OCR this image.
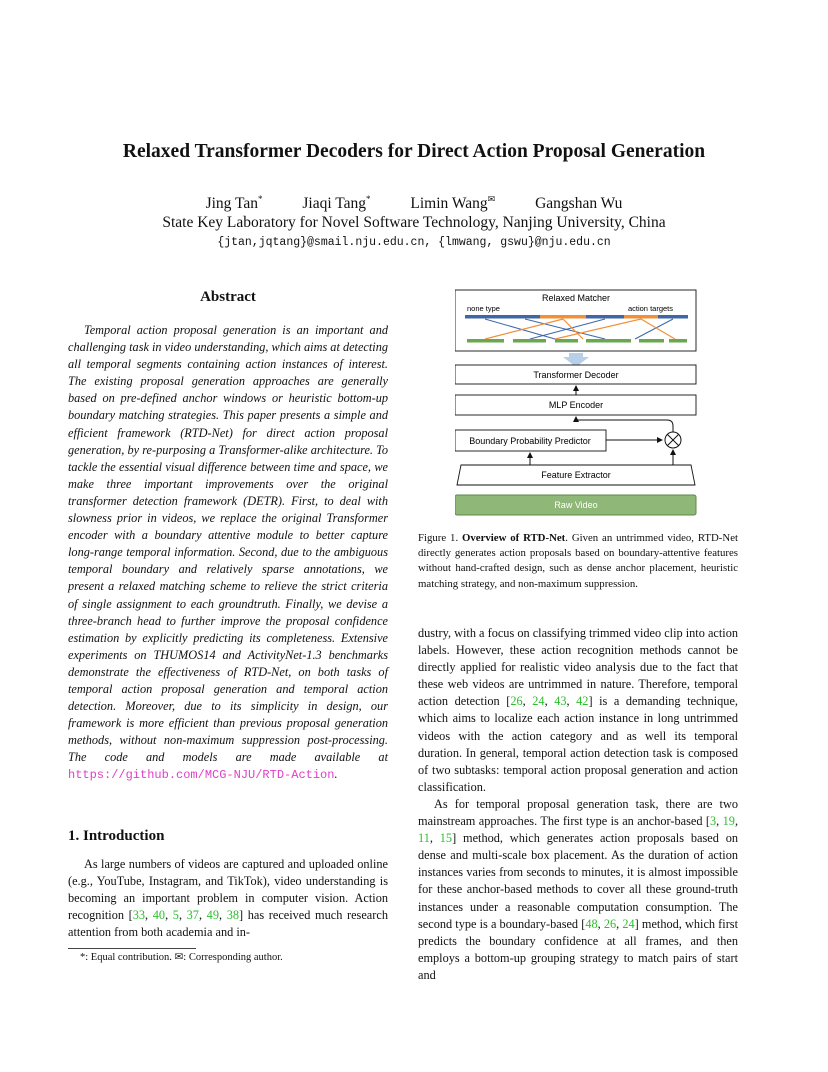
Relaxed Transformer Decoders for Direct Action Proposal Generation
Jing Tan*	Jiaqi Tang*	Limin Wang✉	Gangshan Wu
State Key Laboratory for Novel Software Technology, Nanjing University, China
{jtan,jqtang}@smail.nju.edu.cn, {lmwang, gswu}@nju.edu.cn
Abstract
Temporal action proposal generation is an important and challenging task in video understanding, which aims at detecting all temporal segments containing action instances of interest. The existing proposal generation approaches are generally based on pre-defined anchor windows or heuristic bottom-up boundary matching strategies. This paper presents a simple and efficient framework (RTD-Net) for direct action proposal generation, by re-purposing a Transformer-alike architecture. To tackle the essential visual difference between time and space, we make three important improvements over the original transformer detection framework (DETR). First, to deal with slowness prior in videos, we replace the original Transformer encoder with a boundary attentive module to better capture long-range temporal information. Second, due to the ambiguous temporal boundary and relatively sparse annotations, we present a relaxed matching scheme to relieve the strict criteria of single assignment to each groundtruth. Finally, we devise a three-branch head to further improve the proposal confidence estimation by explicitly predicting its completeness. Extensive experiments on THUMOS14 and ActivityNet-1.3 benchmarks demonstrate the effectiveness of RTD-Net, on both tasks of temporal action proposal generation and temporal action detection. Moreover, due to its simplicity in design, our framework is more efficient than previous proposal generation methods, without non-maximum suppression post-processing. The code and models are made available at https://github.com/MCG-NJU/RTD-Action.
1. Introduction
As large numbers of videos are captured and uploaded online (e.g., YouTube, Instagram, and TikTok), video understanding is becoming an important problem in computer vision. Action recognition [33, 40, 5, 37, 49, 38] has received much research attention from both academia and in-
*: Equal contribution. ✉: Corresponding author.
Relaxed Matcher
none type	action targets
Transformer Decoder
MLP Encoder
Boundary Probability Predictor
Feature Extractor
Raw Video
Figure 1. Overview of RTD-Net. Given an untrimmed video, RTD-Net directly generates action proposals based on boundary-attentive features without hand-crafted design, such as dense anchor placement, heuristic matching strategy, and non-maximum suppression.

dustry, with a focus on classifying trimmed video clip into action labels. However, these action recognition methods cannot be directly applied for realistic video analysis due to the fact that these web videos are untrimmed in nature. Therefore, temporal action detection [26, 24, 43, 42] is a demanding technique, which aims to localize each action instance in long untrimmed videos with the action category and as well its temporal duration. In general, temporal action detection task is composed of two subtasks: temporal action proposal generation and action classification.

As for temporal proposal generation task, there are two mainstream approaches. The first type is an anchor-based [3, 19, 11, 15] method, which generates action proposals based on dense and multi-scale box placement. As the duration of action instances varies from seconds to minutes, it is almost impossible for these anchor-based methods to cover all these ground-truth instances under a reasonable computation consumption. The second type is a boundary-based [48, 26, 24] method, which first predicts the boundary confidence at all frames, and then employs a bottom-up grouping strategy to match pairs of start and
